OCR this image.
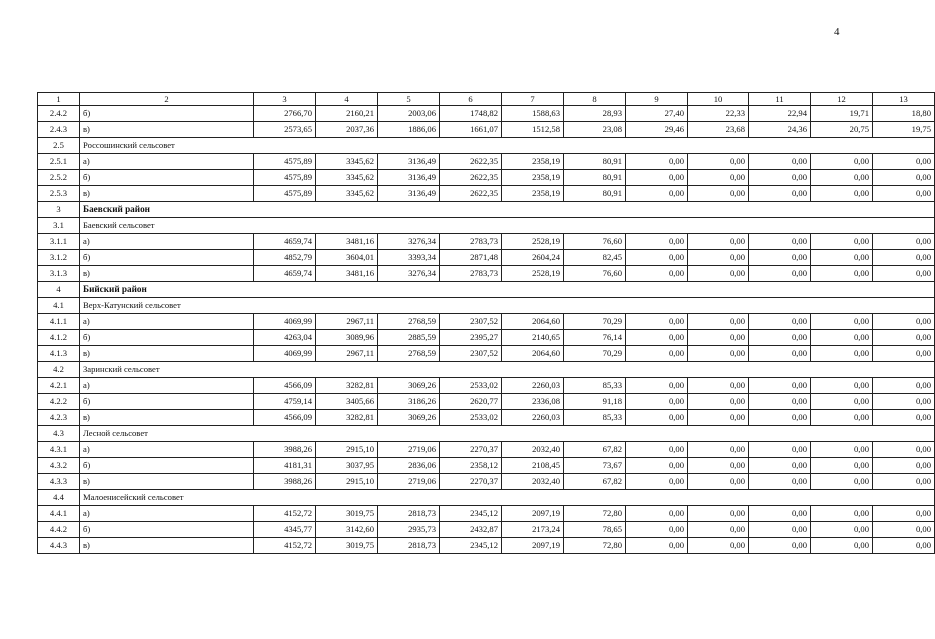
4
1	2	3	4	5	6	7	8	9	10	11	12	13
2.4.2	б)	2766,70	2160,21	2003,06	1748,82	1588,63	28,93	27,40	22,33	22,94	19,71	18,80
2.4.3	в)	2573,65	2037,36	1886,06	1661,07	1512,58	23,08	29,46	23,68	24,36	20,75	19,75
2.5	Россошинский сельсовет											
2.5.1	а)	4575,89	3345,62	3136,49	2622,35	2358,19	80,91	0,00	0,00	0,00	0,00	0,00
2.5.2	б)	4575,89	3345,62	3136,49	2622,35	2358,19	80,91	0,00	0,00	0,00	0,00	0,00
2.5.3	в)	4575,89	3345,62	3136,49	2622,35	2358,19	80,91	0,00	0,00	0,00	0,00	0,00
3	Баевский район											
3.1	Баевский сельсовет											
3.1.1	а)	4659,74	3481,16	3276,34	2783,73	2528,19	76,60	0,00	0,00	0,00	0,00	0,00
3.1.2	б)	4852,79	3604,01	3393,34	2871,48	2604,24	82,45	0,00	0,00	0,00	0,00	0,00
3.1.3	в)	4659,74	3481,16	3276,34	2783,73	2528,19	76,60	0,00	0,00	0,00	0,00	0,00
4	Бийский район											
4.1	Верх-Катунский сельсовет											
4.1.1	а)	4069,99	2967,11	2768,59	2307,52	2064,60	70,29	0,00	0,00	0,00	0,00	0,00
4.1.2	б)	4263,04	3089,96	2885,59	2395,27	2140,65	76,14	0,00	0,00	0,00	0,00	0,00
4.1.3	в)	4069,99	2967,11	2768,59	2307,52	2064,60	70,29	0,00	0,00	0,00	0,00	0,00
4.2	Заринский сельсовет											
4.2.1	а)	4566,09	3282,81	3069,26	2533,02	2260,03	85,33	0,00	0,00	0,00	0,00	0,00
4.2.2	б)	4759,14	3405,66	3186,26	2620,77	2336,08	91,18	0,00	0,00	0,00	0,00	0,00
4.2.3	в)	4566,09	3282,81	3069,26	2533,02	2260,03	85,33	0,00	0,00	0,00	0,00	0,00
4.3	Лесной сельсовет											
4.3.1	а)	3988,26	2915,10	2719,06	2270,37	2032,40	67,82	0,00	0,00	0,00	0,00	0,00
4.3.2	б)	4181,31	3037,95	2836,06	2358,12	2108,45	73,67	0,00	0,00	0,00	0,00	0,00
4.3.3	в)	3988,26	2915,10	2719,06	2270,37	2032,40	67,82	0,00	0,00	0,00	0,00	0,00
4.4	Малоенисейский сельсовет											
4.4.1	а)	4152,72	3019,75	2818,73	2345,12	2097,19	72,80	0,00	0,00	0,00	0,00	0,00
4.4.2	б)	4345,77	3142,60	2935,73	2432,87	2173,24	78,65	0,00	0,00	0,00	0,00	0,00
4.4.3	в)	4152,72	3019,75	2818,73	2345,12	2097,19	72,80	0,00	0,00	0,00	0,00	0,00
